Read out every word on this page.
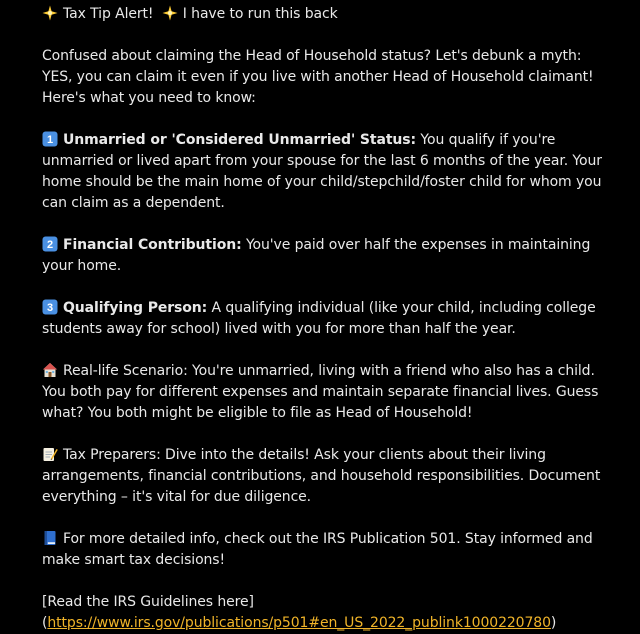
Tax Tip Alert! I have to run this back

Confused about claiming the Head of Household status? Let's debunk a myth: YES, you can claim it even if you live with another Head of Household claimant! Here's what you need to know:

1 Unmarried or 'Considered Unmarried' Status: You qualify if you're unmarried or lived apart from your spouse for the last 6 months of the year. Your home should be the main home of your child/stepchild/foster child for whom you can claim as a dependent.

2 Financial Contribution: You've paid over half the expenses in maintaining your home.

3 Qualifying Person: A qualifying individual (like your child, including college students away for school) lived with you for more than half the year.

Real-life Scenario: You're unmarried, living with a friend who also has a child. You both pay for different expenses and maintain separate financial lives. Guess what? You both might be eligible to file as Head of Household!

Tax Preparers: Dive into the details! Ask your clients about their living arrangements, financial contributions, and household responsibilities. Document everything – it's vital for due diligence.

For more detailed info, check out the IRS Publication 501. Stay informed and make smart tax decisions!

[Read the IRS Guidelines here](https://www.irs.gov/publications/p501#en_US_2022_publink1000220780)
